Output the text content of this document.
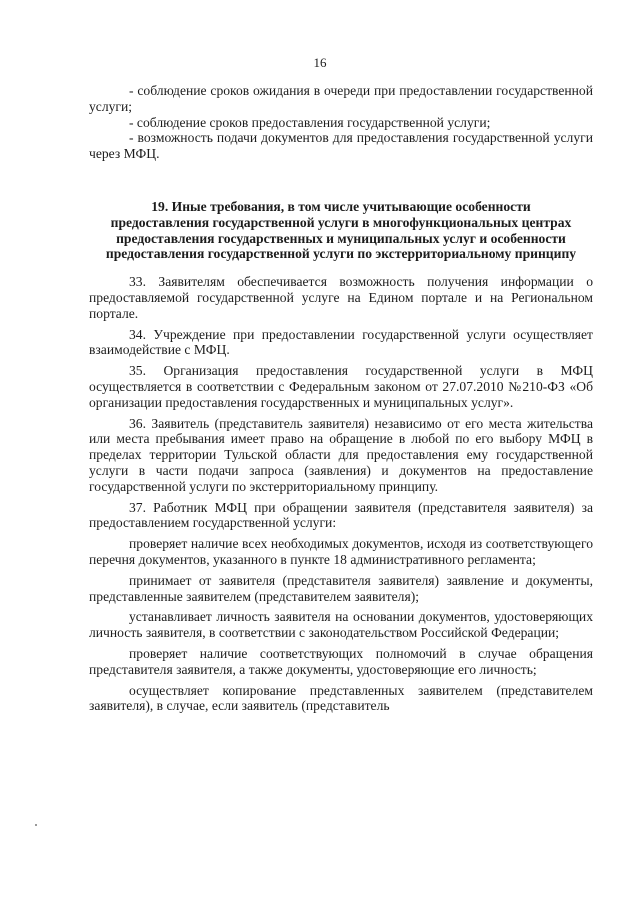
16

- соблюдение сроков ожидания в очереди при предоставлении государственной услуги;

- соблюдение сроков предоставления государственной услуги;

- возможность подачи документов для предоставления государственной услуги через МФЦ.

19. Иные требования, в том числе учитывающие особенности предоставления государственной услуги в многофункциональных центрах предоставления государственных и муниципальных услуг и особенности предоставления государственной услуги по экстерриториальному принципу

33. Заявителям обеспечивается возможность получения информации о предоставляемой государственной услуге на Едином портале и на Региональном портале.

34. Учреждение при предоставлении государственной услуги осуществляет взаимодействие с МФЦ.

35. Организация предоставления государственной услуги в МФЦ осуществляется в соответствии с Федеральным законом от 27.07.2010 №210-ФЗ «Об организации предоставления государственных и муниципальных услуг».

36. Заявитель (представитель заявителя) независимо от его места жительства или места пребывания имеет право на обращение в любой по его выбору МФЦ в пределах территории Тульской области для предоставления ему государственной услуги в части подачи запроса (заявления) и документов на предоставление государственной услуги по экстерриториальному принципу.

37. Работник МФЦ при обращении заявителя (представителя заявителя) за предоставлением государственной услуги:

проверяет наличие всех необходимых документов, исходя из соответствующего перечня документов, указанного в пункте 18 административного регламента;

принимает от заявителя (представителя заявителя) заявление и документы, представленные заявителем (представителем заявителя);

устанавливает личность заявителя на основании документов, удостоверяющих личность заявителя, в соответствии с законодательством Российской Федерации;

проверяет наличие соответствующих полномочий в случае обращения представителя заявителя, а также документы, удостоверяющие его личность;

осуществляет копирование представленных заявителем (представителем заявителя), в случае, если заявитель (представитель
